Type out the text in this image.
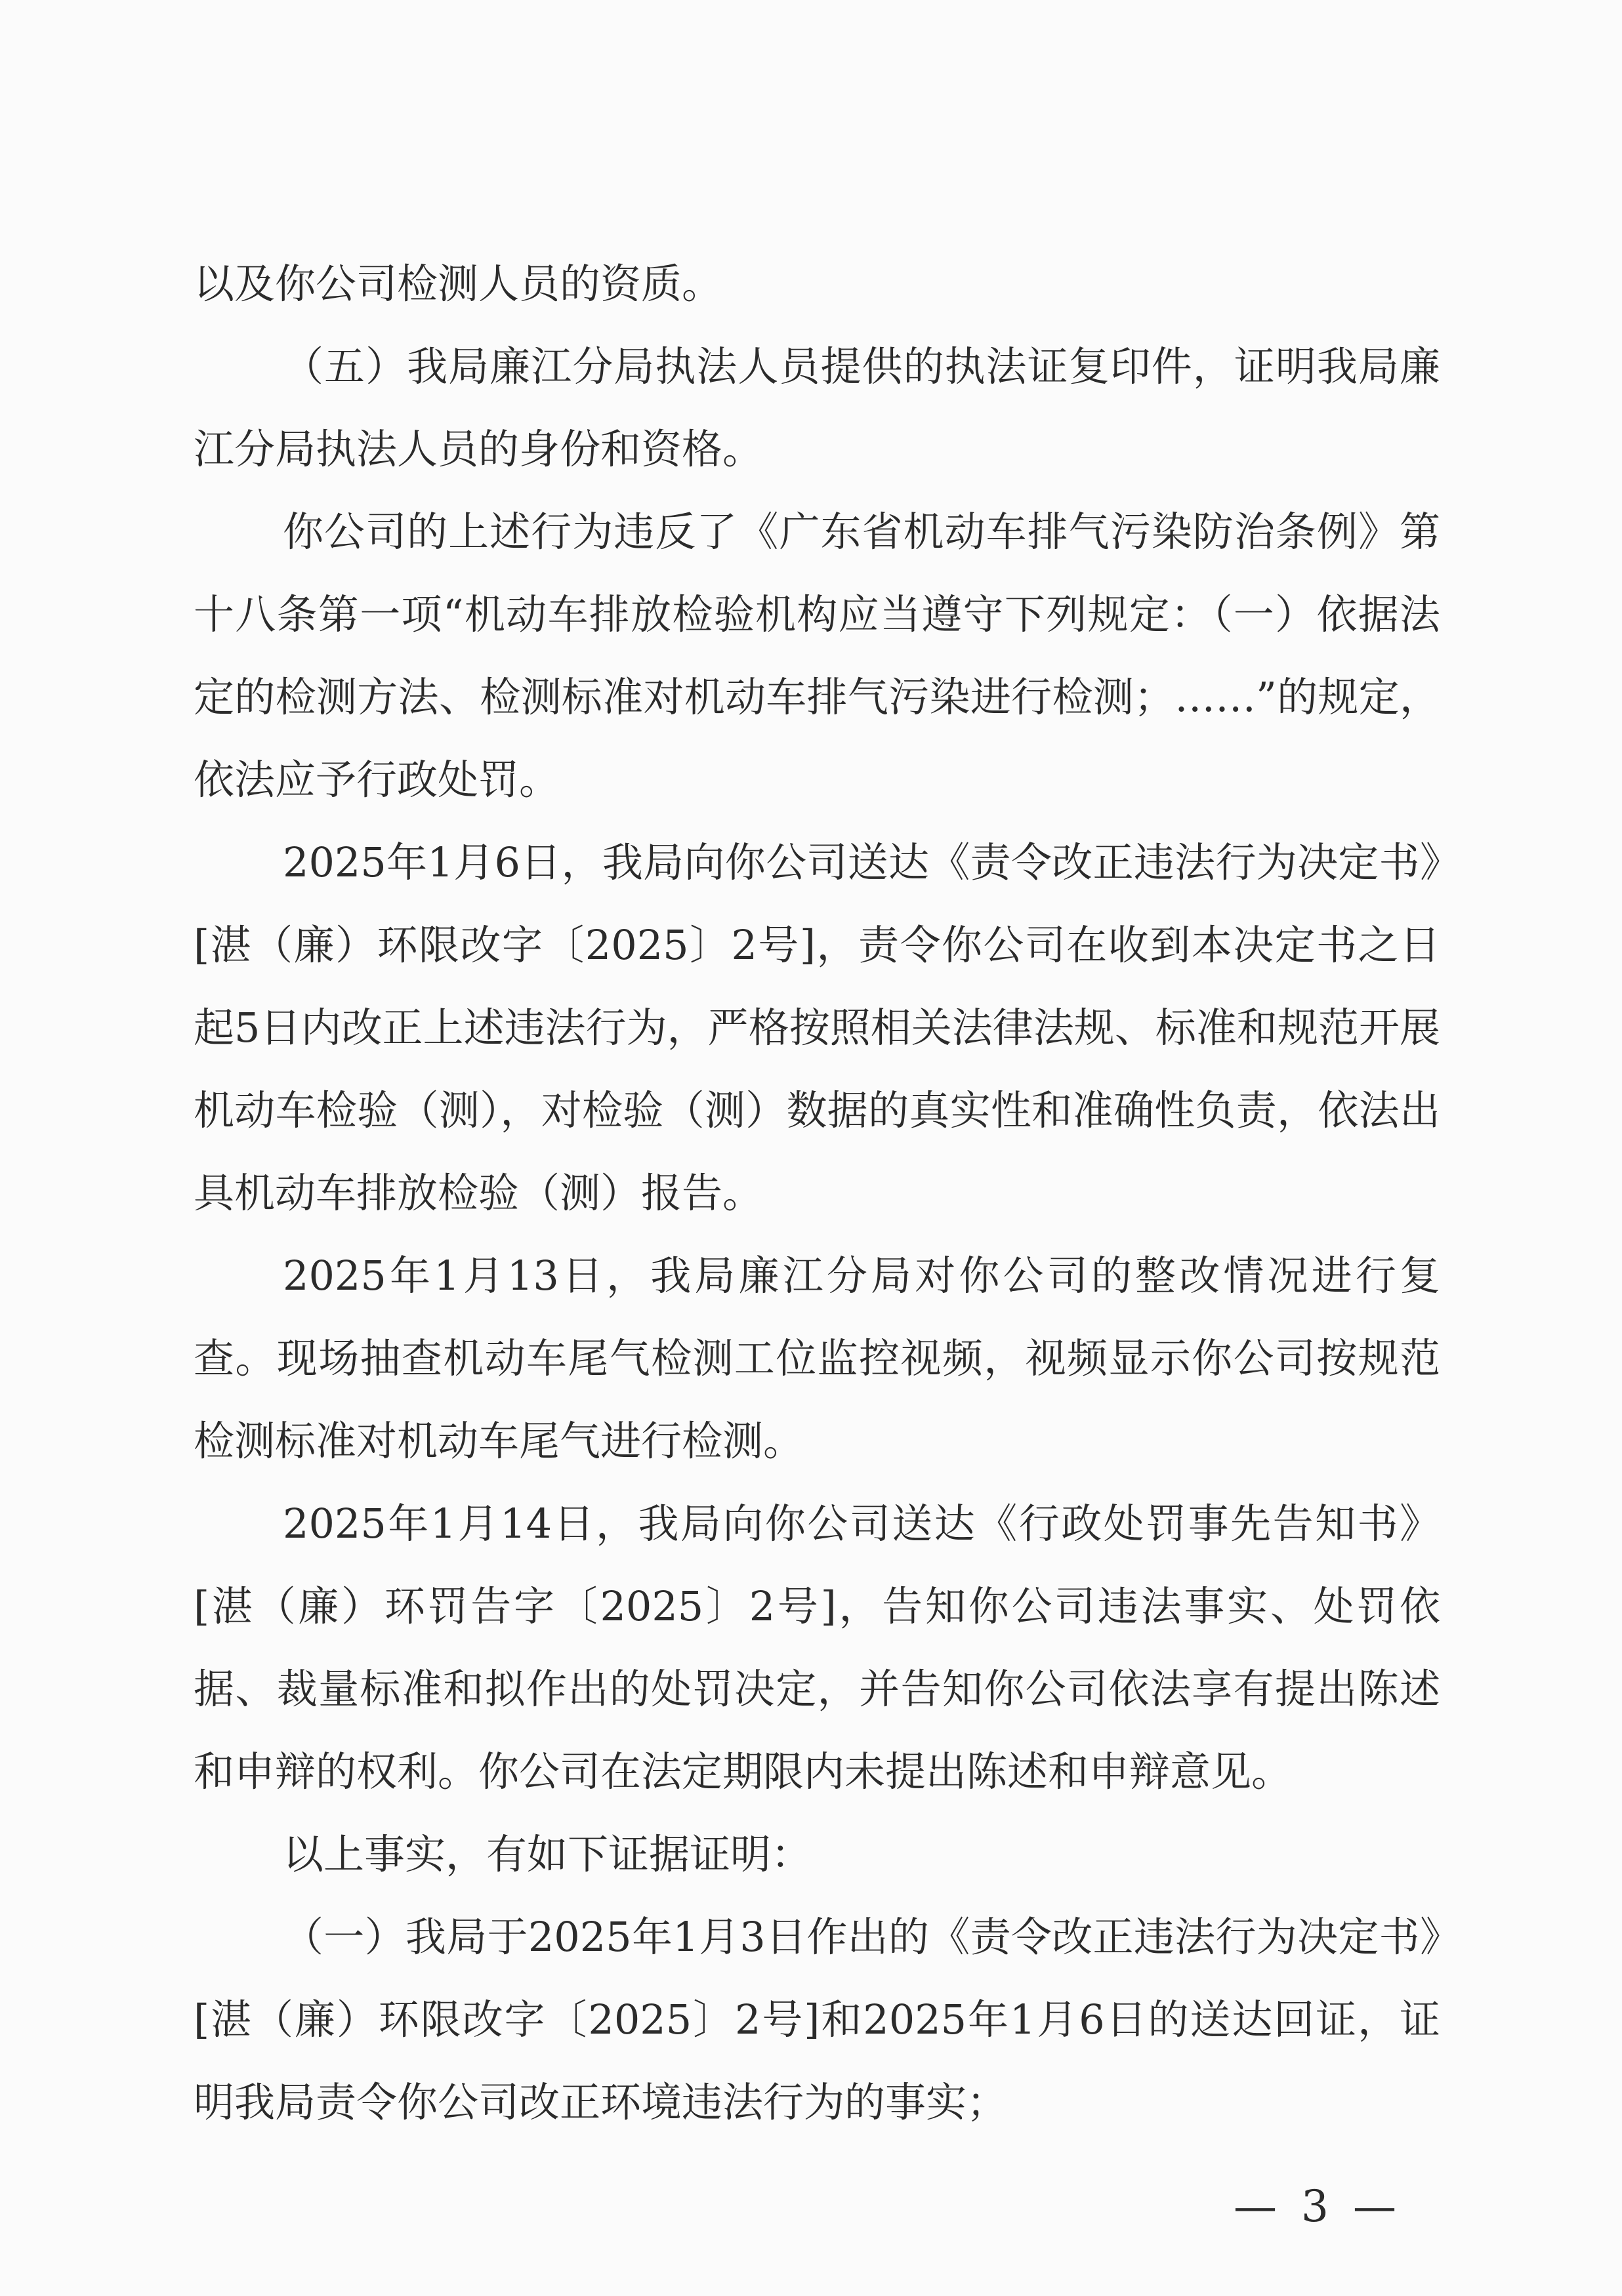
以及你公司检测人员的资质。

（五）我局廉江分局执法人员提供的执法证复印件，证明我局廉江分局执法人员的身份和资格。

你公司的上述行为违反了《广东省机动车排气污染防治条例》第十八条第一项“机动车排放检验机构应当遵守下列规定：（一）依据法定的检测方法、检测标准对机动车排气污染进行检测；……”的规定，依法应予行政处罚。

2025年1月6日，我局向你公司送达《责令改正违法行为决定书》[湛（廉）环限改字〔2025〕2号]，责令你公司在收到本决定书之日起5日内改正上述违法行为，严格按照相关法律法规、标准和规范开展机动车检验（测），对检验（测）数据的真实性和准确性负责，依法出具机动车排放检验（测）报告。

2025年1月13日，我局廉江分局对你公司的整改情况进行复查。现场抽查机动车尾气检测工位监控视频，视频显示你公司按规范检测标准对机动车尾气进行检测。

2025年1月14日，我局向你公司送达《行政处罚事先告知书》[湛（廉）环罚告字〔2025〕2号]，告知你公司违法事实、处罚依据、裁量标准和拟作出的处罚决定，并告知你公司依法享有提出陈述和申辩的权利。你公司在法定期限内未提出陈述和申辩意见。

以上事实，有如下证据证明：

（一）我局于2025年1月3日作出的《责令改正违法行为决定书》[湛（廉）环限改字〔2025〕2号]和2025年1月6日的送达回证，证明我局责令你公司改正环境违法行为的事实；

— 3 —
